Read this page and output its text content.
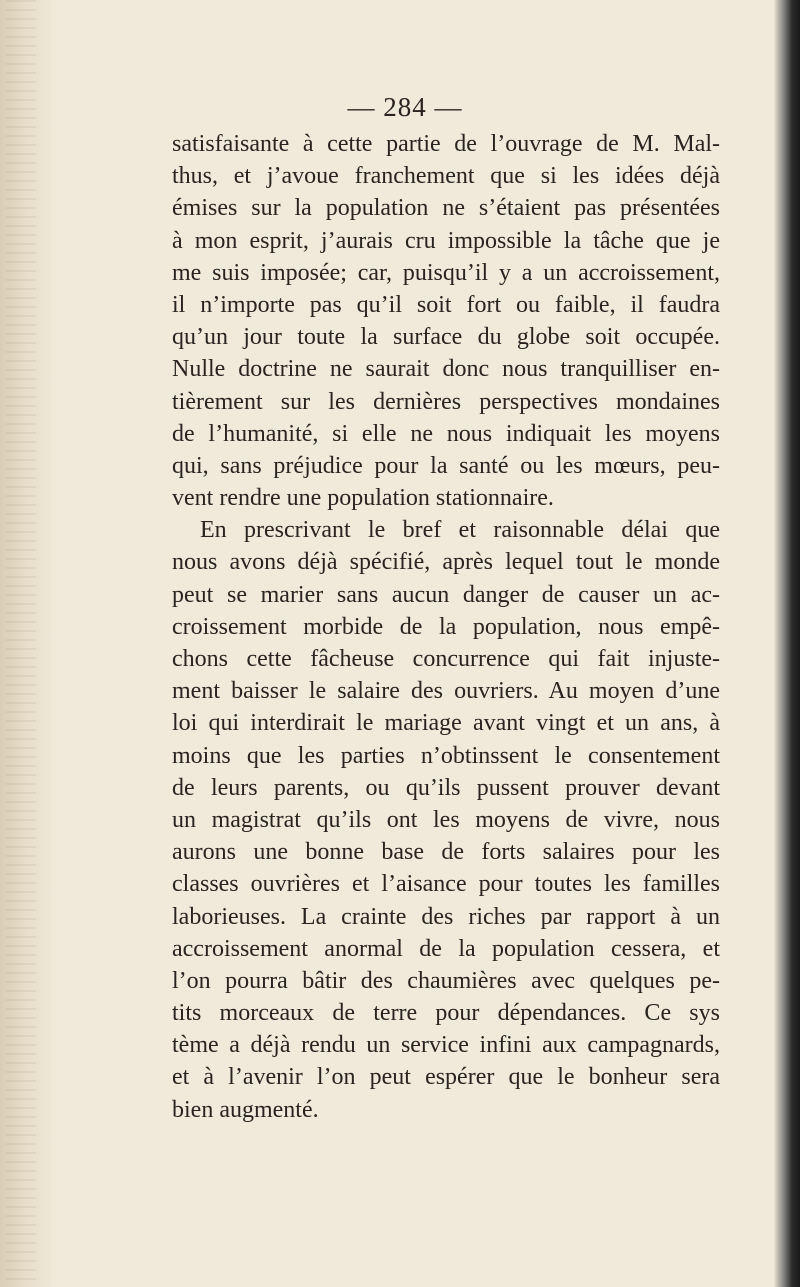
— 284 —
satisfaisante à cette partie de l’ouvrage de M. Mal-
thus, et j’avoue franchement que si les idées déjà
émises sur la population ne s’étaient pas présentées
à mon esprit, j’aurais cru impossible la tâche que je
me suis imposée; car, puisqu’il y a un accroissement,
il n’importe pas qu’il soit fort ou faible, il faudra
qu’un jour toute la surface du globe soit occupée.
Nulle doctrine ne saurait donc nous tranquilliser en-
tièrement sur les dernières perspectives mondaines
de l’humanité, si elle ne nous indiquait les moyens
qui, sans préjudice pour la santé ou les mœurs, peu-
vent rendre une population stationnaire.
En prescrivant le bref et raisonnable délai que
nous avons déjà spécifié, après lequel tout le monde
peut se marier sans aucun danger de causer un ac-
croissement morbide de la population, nous empê-
chons cette fâcheuse concurrence qui fait injuste-
ment baisser le salaire des ouvriers. Au moyen d’une
loi qui interdirait le mariage avant vingt et un ans, à
moins que les parties n’obtinssent le consentement
de leurs parents, ou qu’ils pussent prouver devant
un magistrat qu’ils ont les moyens de vivre, nous
aurons une bonne base de forts salaires pour les
classes ouvrières et l’aisance pour toutes les familles
laborieuses. La crainte des riches par rapport à un
accroissement anormal de la population cessera, et
l’on pourra bâtir des chaumières avec quelques pe-
tits morceaux de terre pour dépendances. Ce sys
tème a déjà rendu un service infini aux campagnards,
et à l’avenir l’on peut espérer que le bonheur sera
bien augmenté.
